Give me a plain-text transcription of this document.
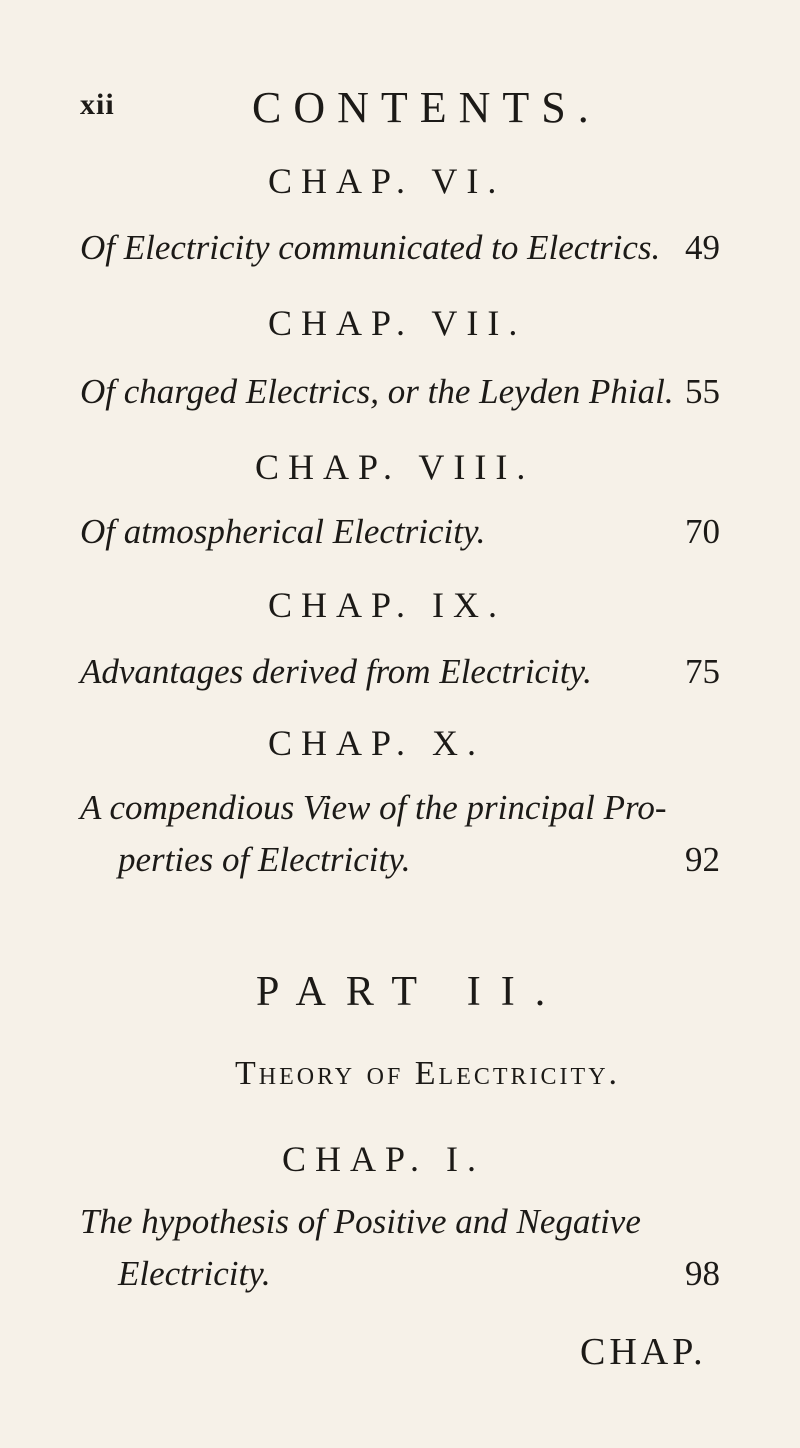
xii	CONTENTS.
CHAP. VI.
Of Electricity communicated to Electrics. 49
CHAP. VII.
Of charged Electrics, or the Leyden Phial. 55
CHAP. VIII.
Of atmospherical Electricity.	70
CHAP. IX.
Advantages derived from Electricity.	75
CHAP. X.
A compendious View of the principal Pro-
perties of Electricity.	92
PART II.
Theory of Electricity.
CHAP. I.
The hypothesis of Positive and Negative
Electricity.	98
CHAP.
